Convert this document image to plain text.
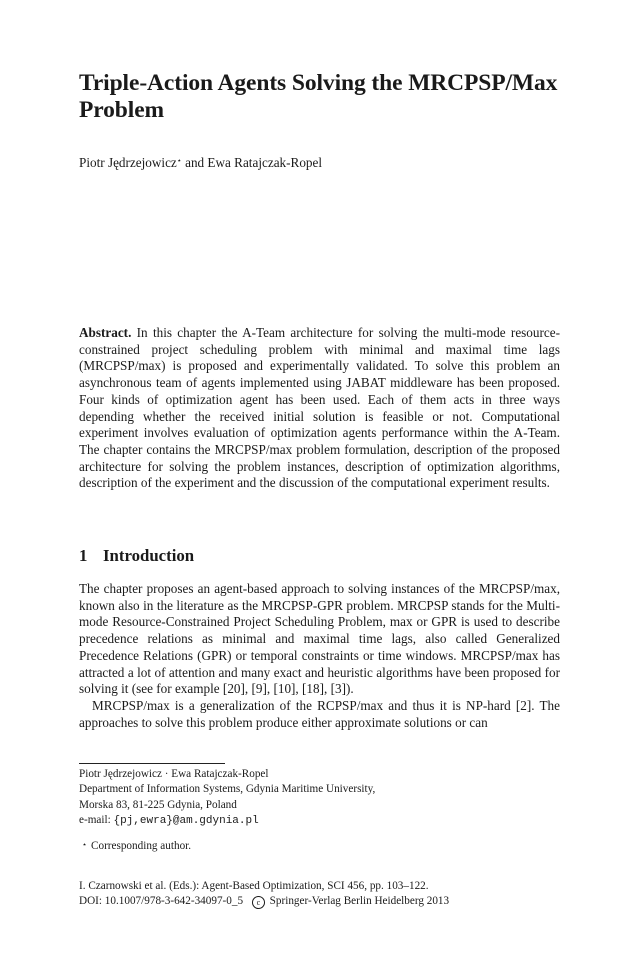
Triple-Action Agents Solving the MRCPSP/Max Problem

Piotr Jędrzejowicz⋆ and Ewa Ratajczak-Ropel

Abstract. In this chapter the A-Team architecture for solving the multi-mode resource-constrained project scheduling problem with minimal and maximal time lags (MRCPSP/max) is proposed and experimentally validated. To solve this problem an asynchronous team of agents implemented using JABAT middleware has been proposed. Four kinds of optimization agent has been used. Each of them acts in three ways depending whether the received initial solution is feasible or not. Computational experiment involves evaluation of optimization agents performance within the A-Team. The chapter contains the MRCPSP/max problem formulation, description of the proposed architecture for solving the problem instances, description of optimization algorithms, description of the experiment and the discussion of the computational experiment results.

1 Introduction

The chapter proposes an agent-based approach to solving instances of the MRCPSP/max, known also in the literature as the MRCPSP-GPR problem. MRCPSP stands for the Multi-mode Resource-Constrained Project Scheduling Problem, max or GPR is used to describe precedence relations as minimal and maximal time lags, also called Generalized Precedence Relations (GPR) or temporal constraints or time windows. MRCPSP/max has attracted a lot of attention and many exact and heuristic algorithms have been proposed for solving it (see for example [20], [9], [10], [18], [3]).

MRCPSP/max is a generalization of the RCPSP/max and thus it is NP-hard [2]. The approaches to solve this problem produce either approximate solutions or can

Piotr Jędrzejowicz · Ewa Ratajczak-Ropel
Department of Information Systems, Gdynia Maritime University,
Morska 83, 81-225 Gdynia, Poland
e-mail: {pj,ewra}@am.gdynia.pl
⋆ Corresponding author.
I. Czarnowski et al. (Eds.): Agent-Based Optimization, SCI 456, pp. 103–122.
DOI: 10.1007/978-3-642-34097-0_5 c Springer-Verlag Berlin Heidelberg 2013
